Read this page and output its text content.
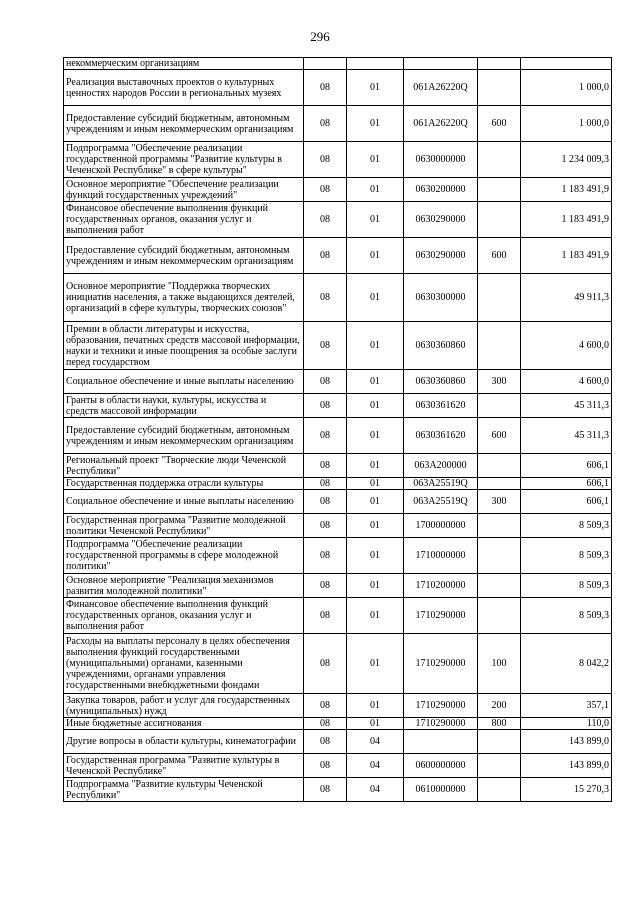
296
некоммерческим организациям					
Реализация выставочных проектов о культурных ценностях народов России в региональных музеях	08	01	061А26220Q		1 000,0
Предоставление субсидий бюджетным, автономным учреждениям и иным некоммерческим организациям	08	01	061А26220Q	600	1 000,0
Подпрограмма "Обеспечение реализации государственной программы "Развитие культуры в Чеченской Республике" в сфере культуры"	08	01	0630000000		1 234 009,3
Основное мероприятие "Обеспечение реализации функций государственных учреждений"	08	01	0630200000		1 183 491,9
Финансовое обеспечение выполнения функций государственных органов, оказания услуг и выполнения работ	08	01	0630290000		1 183 491,9
Предоставление субсидий бюджетным, автономным учреждениям и иным некоммерческим организациям	08	01	0630290000	600	1 183 491,9
Основное мероприятие "Поддержка творческих инициатив населения, а также выдающихся деятелей, организаций в сфере культуры, творческих союзов"	08	01	0630300000		49 911,3
Премии в области литературы и искусства, образования, печатных средств массовой информации, науки и техники и иные поощрения за особые заслуги перед государством	08	01	0630360860		4 600,0
Социальное обеспечение и иные выплаты населению	08	01	0630360860	300	4 600,0
Гранты в области науки, культуры, искусства и средств массовой информации	08	01	0630361620		45 311,3
Предоставление субсидий бюджетным, автономным учреждениям и иным некоммерческим организациям	08	01	0630361620	600	45 311,3
Региональный проект "Творческие люди Чеченской Республики"	08	01	063А200000		606,1
Государственная поддержка отрасли культуры	08	01	063А25519Q		606,1
Социальное обеспечение и иные выплаты населению	08	01	063А25519Q	300	606,1
Государственная программа "Развитие молодежной политики Чеченской Республики"	08	01	1700000000		8 509,3
Подпрограмма "Обеспечение реализации государственной программы в сфере молодежной политики"	08	01	1710000000		8 509,3
Основное мероприятие "Реализация механизмов развития молодежной политики"	08	01	1710200000		8 509,3
Финансовое обеспечение выполнения функций государственных органов, оказания услуг и выполнения работ	08	01	1710290000		8 509,3
Расходы на выплаты персоналу в целях обеспечения выполнения функций государственными (муниципальными) органами, казенными учреждениями, органами управления государственными внебюджетными фондами	08	01	1710290000	100	8 042,2
Закупка товаров, работ и услуг для государственных (муниципальных) нужд	08	01	1710290000	200	357,1
Иные бюджетные ассигнования	08	01	1710290000	800	110,0
Другие вопросы в области культуры, кинематографии	08	04			143 899,0
Государственная программа "Развитие культуры в Чеченской Республике"	08	04	0600000000		143 899,0
Подпрограмма "Развитие культуры Чеченской Республики"	08	04	0610000000		15 270,3
